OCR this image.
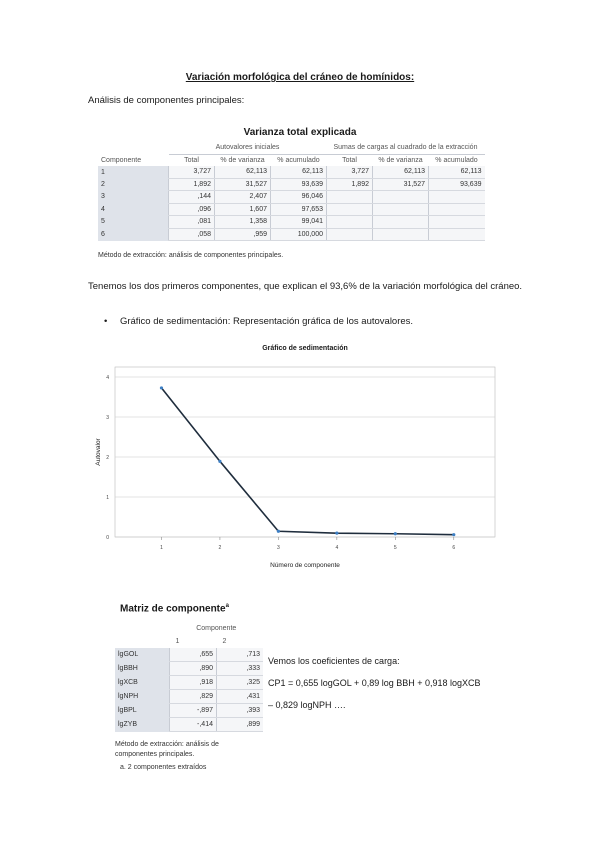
Variación morfológica del cráneo de homínidos:
Análisis de componentes principales:
Varianza total explicada
	Autovalores iniciales			Sumas de cargas al cuadrado de la extracción		
Componente	Total	% de varianza	% acumulado	Total	% de varianza	% acumulado
1	3,727	62,113	62,113	3,727	62,113	62,113
2	1,892	31,527	93,639	1,892	31,527	93,639
3	,144	2,407	96,046			
4	,096	1,607	97,653			
5	,081	1,358	99,041			
6	,058	,959	100,000			
Método de extracción: análisis de componentes principales.
Tenemos los dos primeros componentes, que explican el 93,6% de la variación morfológica del cráneo.
• Gráfico de sedimentación: Representación gráfica de los autovalores.
Gráfico de sedimentación
0
1
2
3
4
1	2	3	4	5	6
Número de componente
Autovalor
Matriz de componente$^a$
	Componente	
	1	2
lgGOL	,655	,713
lgBBH	,890	,333
lgXCB	,918	,325
lgNPH	,829	,431
lgBPL	-,897	,393
lgZYB	-,414	,899
Método de extracción: análisis de componentes principales.
a. 2 componentes extraídos
Vemos los coeficientes de carga:
CP1 = 0,655 logGOL + 0,89 log BBH + 0,918 logXCB
– 0,829 logNPH ….
